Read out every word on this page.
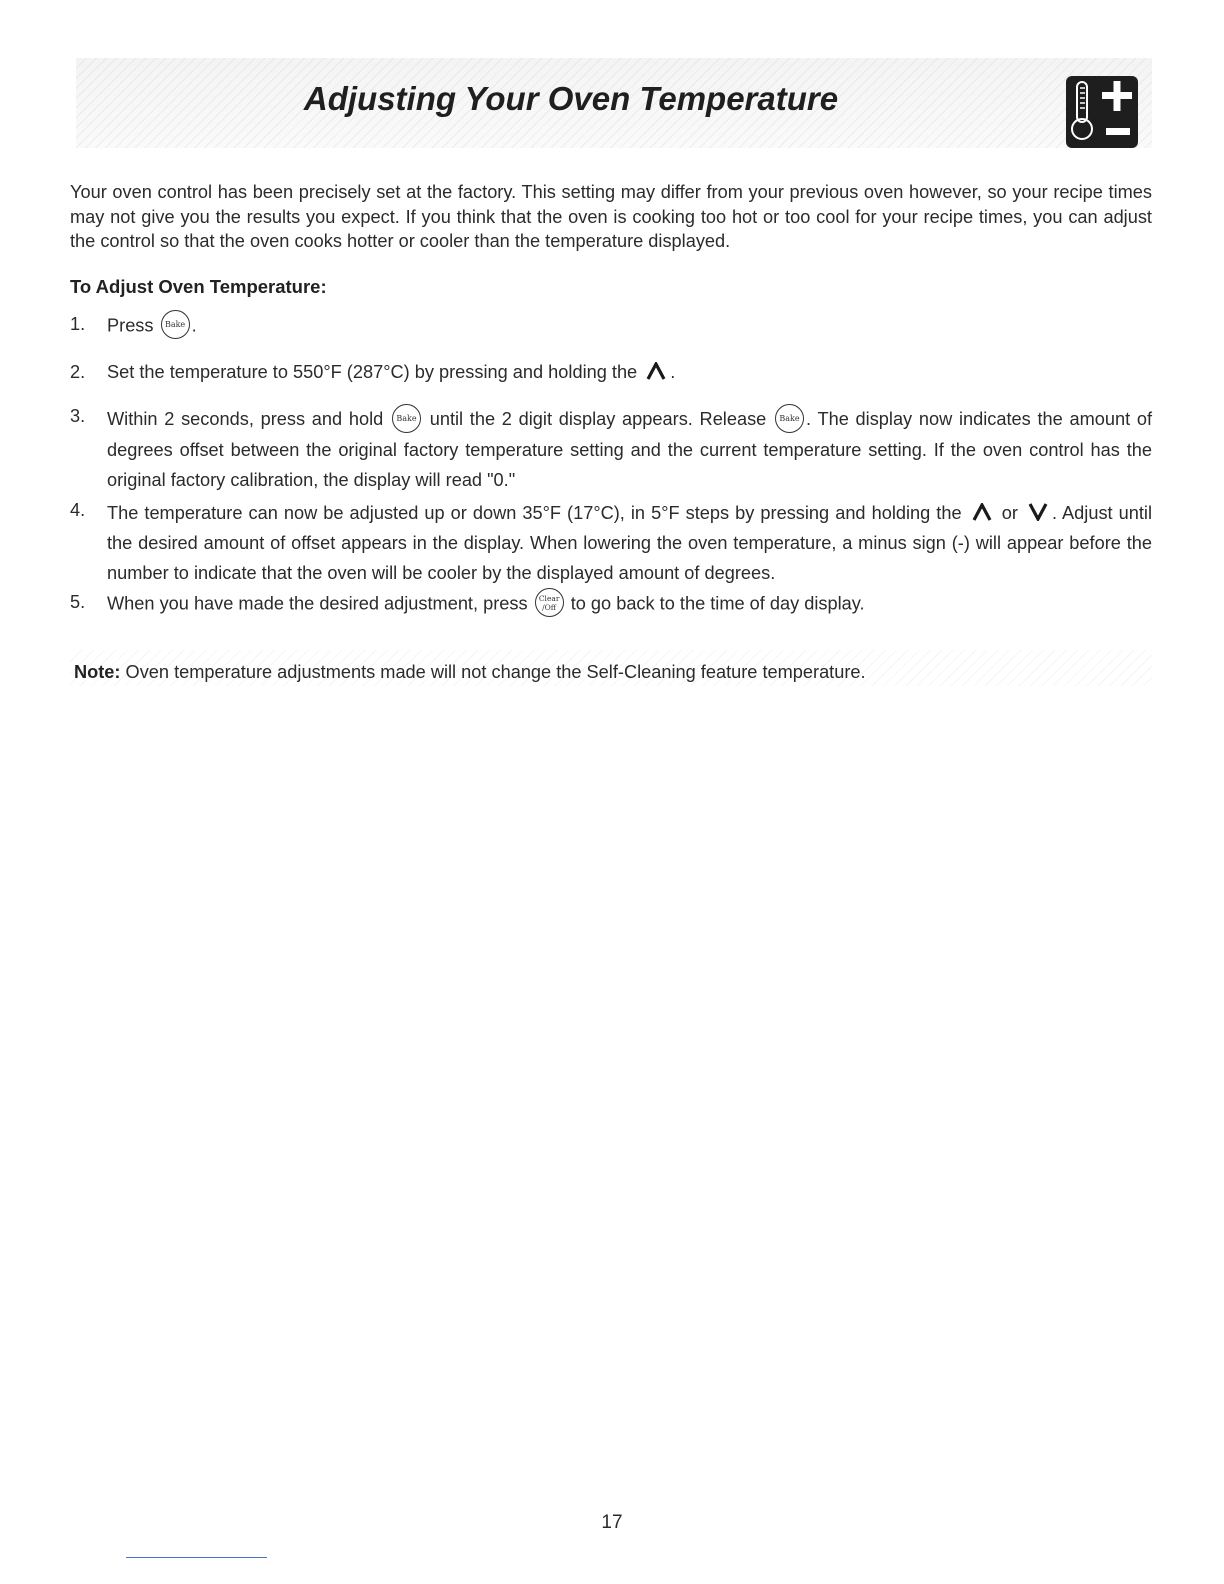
Adjusting Your Oven Temperature

Your oven control has been precisely set at the factory. This setting may differ from your previous oven however, so your recipe times may not give you the results you expect. If you think that the oven is cooking too hot or too cool for your recipe times, you can adjust the control so that the oven cooks hotter or cooler than the temperature displayed.

To Adjust Oven Temperature:
1.	Press Bake .
2.	Set the temperature to 550°F (287°C) by pressing and holding the .
3.	Within 2 seconds, press and hold Bake until the 2 digit display appears. Release Bake . The display now indicates the amount of degrees offset between the original factory temperature setting and the current temperature setting. If the oven control has the original factory calibration, the display will read "0."
4.	The temperature can now be adjusted up or down 35°F (17°C), in 5°F steps by pressing and holding the or . Adjust until the desired amount of offset appears in the display. When lowering the oven temperature, a minus sign (-) will appear before the number to indicate that the oven will be cooler by the displayed amount of degrees.
5.	When you have made the desired adjustment, press Clear
/Off to go back to the time of day display.

Note: Oven temperature adjustments made will not change the Self-Cleaning feature temperature.

17
